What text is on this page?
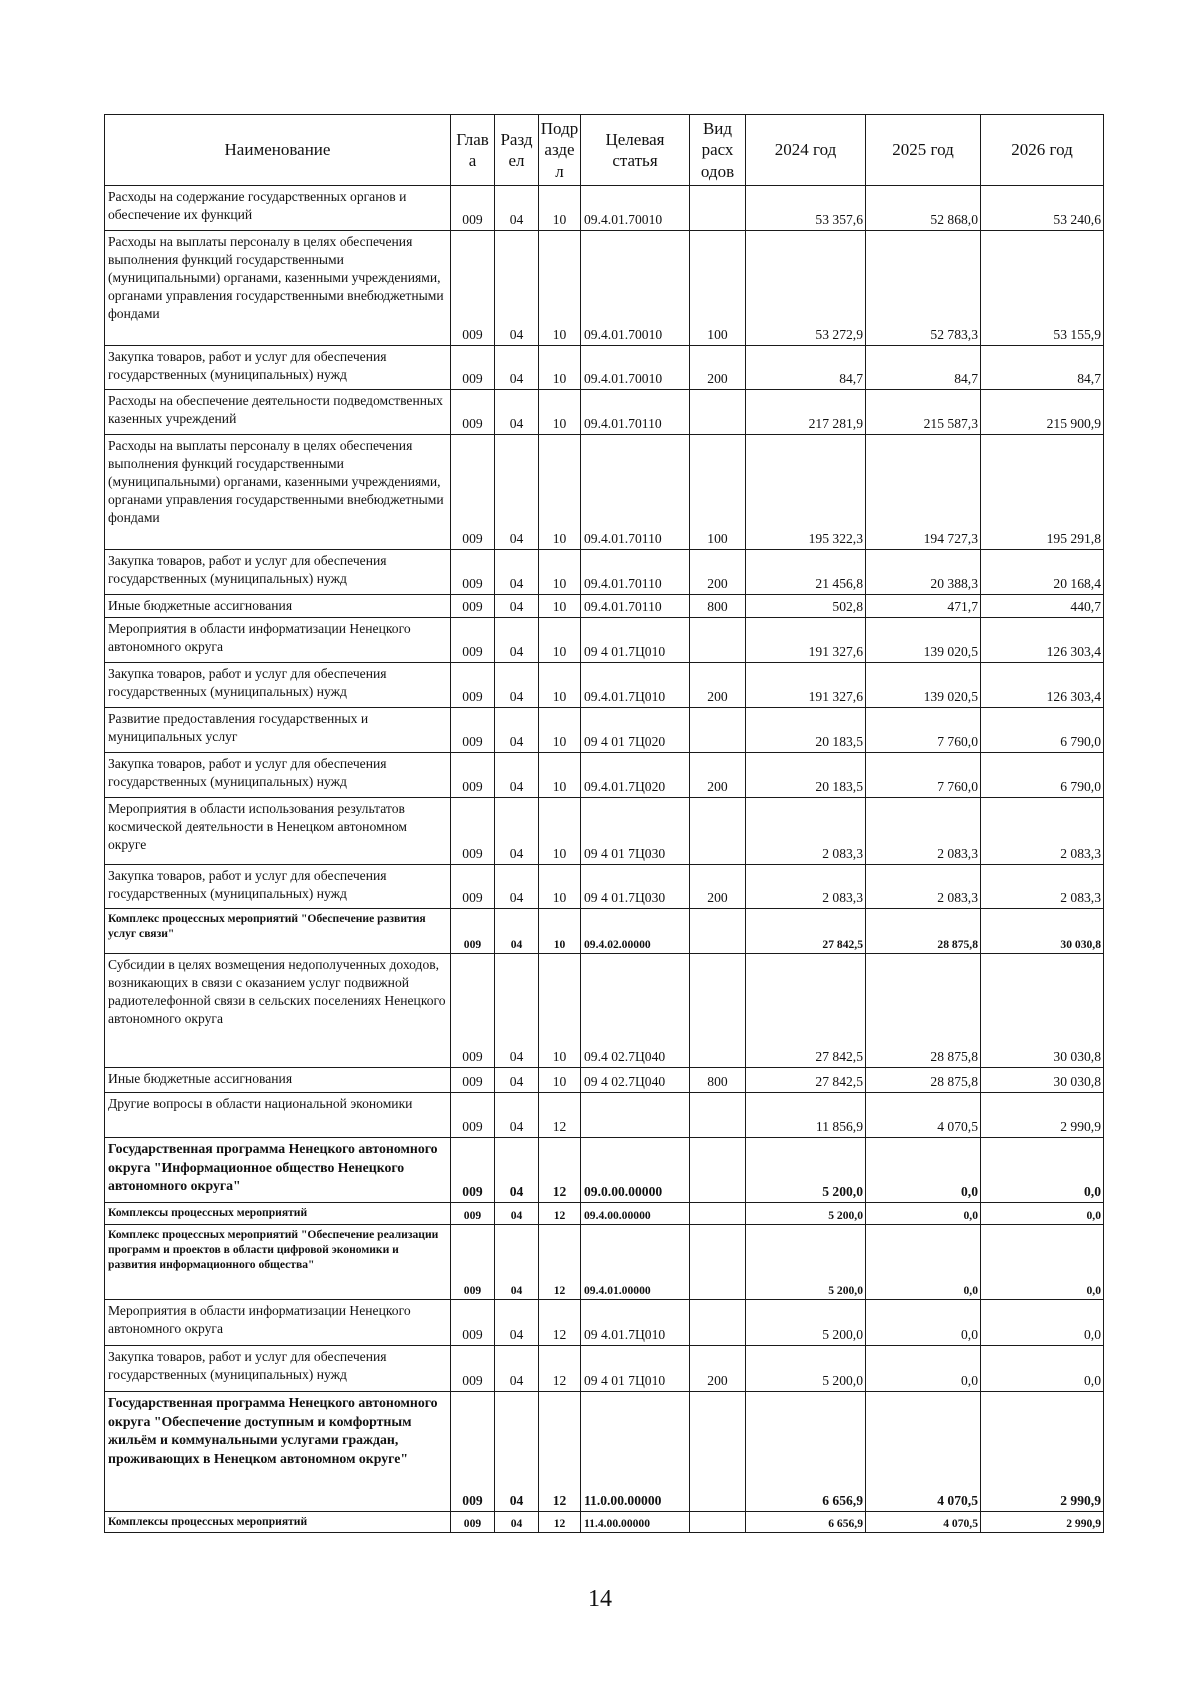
Наименование	Глав а	Разд ел	Подр азде л	Целевая статья	Вид расх одов	2024 год	2025 год	2026 год
Расходы на содержание государственных органов и обеспечение их функций	009	04	10	09.4.01.70010		53 357,6	52 868,0	53 240,6
Расходы на выплаты персоналу в целях обеспечения выполнения функций государственными (муниципальными) органами, казенными учреждениями, органами управления государственными внебюджетными фондами	009	04	10	09.4.01.70010	100	53 272,9	52 783,3	53 155,9
Закупка товаров, работ и услуг для обеспечения государственных (муниципальных) нужд	009	04	10	09.4.01.70010	200	84,7	84,7	84,7
Расходы на обеспечение деятельности подведомственных казенных учреждений	009	04	10	09.4.01.70110		217 281,9	215 587,3	215 900,9
Расходы на выплаты персоналу в целях обеспечения выполнения функций государственными (муниципальными) органами, казенными учреждениями, органами управления государственными внебюджетными фондами	009	04	10	09.4.01.70110	100	195 322,3	194 727,3	195 291,8
Закупка товаров, работ и услуг для обеспечения государственных (муниципальных) нужд	009	04	10	09.4.01.70110	200	21 456,8	20 388,3	20 168,4
Иные бюджетные ассигнования	009	04	10	09.4.01.70110	800	502,8	471,7	440,7
Мероприятия в области информатизации Ненецкого автономного округа	009	04	10	09 4 01.7Ц010		191 327,6	139 020,5	126 303,4
Закупка товаров, работ и услуг для обеспечения государственных (муниципальных) нужд	009	04	10	09.4.01.7Ц010	200	191 327,6	139 020,5	126 303,4
Развитие предоставления государственных и муниципальных услуг	009	04	10	09 4 01 7Ц020		20 183,5	7 760,0	6 790,0
Закупка товаров, работ и услуг для обеспечения государственных (муниципальных) нужд	009	04	10	09.4.01.7Ц020	200	20 183,5	7 760,0	6 790,0
Мероприятия в области использования результатов космической деятельности в Ненецком автономном округе	009	04	10	09 4 01 7Ц030		2 083,3	2 083,3	2 083,3
Закупка товаров, работ и услуг для обеспечения государственных (муниципальных) нужд	009	04	10	09 4 01.7Ц030	200	2 083,3	2 083,3	2 083,3
Комплекс процессных мероприятий "Обеспечение развития услуг связи"	009	04	10	09.4.02.00000		27 842,5	28 875,8	30 030,8
Субсидии в целях возмещения недополученных доходов, возникающих в связи с оказанием услуг подвижной радиотелефонной связи в сельских поселениях Ненецкого автономного округа	009	04	10	09.4 02.7Ц040		27 842,5	28 875,8	30 030,8
Иные бюджетные ассигнования	009	04	10	09 4 02.7Ц040	800	27 842,5	28 875,8	30 030,8
Другие вопросы в области национальной экономики	009	04	12			11 856,9	4 070,5	2 990,9
Государственная программа Ненецкого автономного округа "Информационное общество Ненецкого автономного округа"	009	04	12	09.0.00.00000		5 200,0	0,0	0,0
Комплексы процессных мероприятий	009	04	12	09.4.00.00000		5 200,0	0,0	0,0
Комплекс процессных мероприятий "Обеспечение реализации программ и проектов в области цифровой экономики и развития информационного общества"	009	04	12	09.4.01.00000		5 200,0	0,0	0,0
Мероприятия в области информатизации Ненецкого автономного округа	009	04	12	09 4.01.7Ц010		5 200,0	0,0	0,0
Закупка товаров, работ и услуг для обеспечения государственных (муниципальных) нужд	009	04	12	09 4 01 7Ц010	200	5 200,0	0,0	0,0
Государственная программа Ненецкого автономного округа "Обеспечение доступным и комфортным жильём и коммунальными услугами граждан, проживающих в Ненецком автономном округе"	009	04	12	11.0.00.00000		6 656,9	4 070,5	2 990,9
Комплексы процессных мероприятий	009	04	12	11.4.00.00000		6 656,9	4 070,5	2 990,9
14
